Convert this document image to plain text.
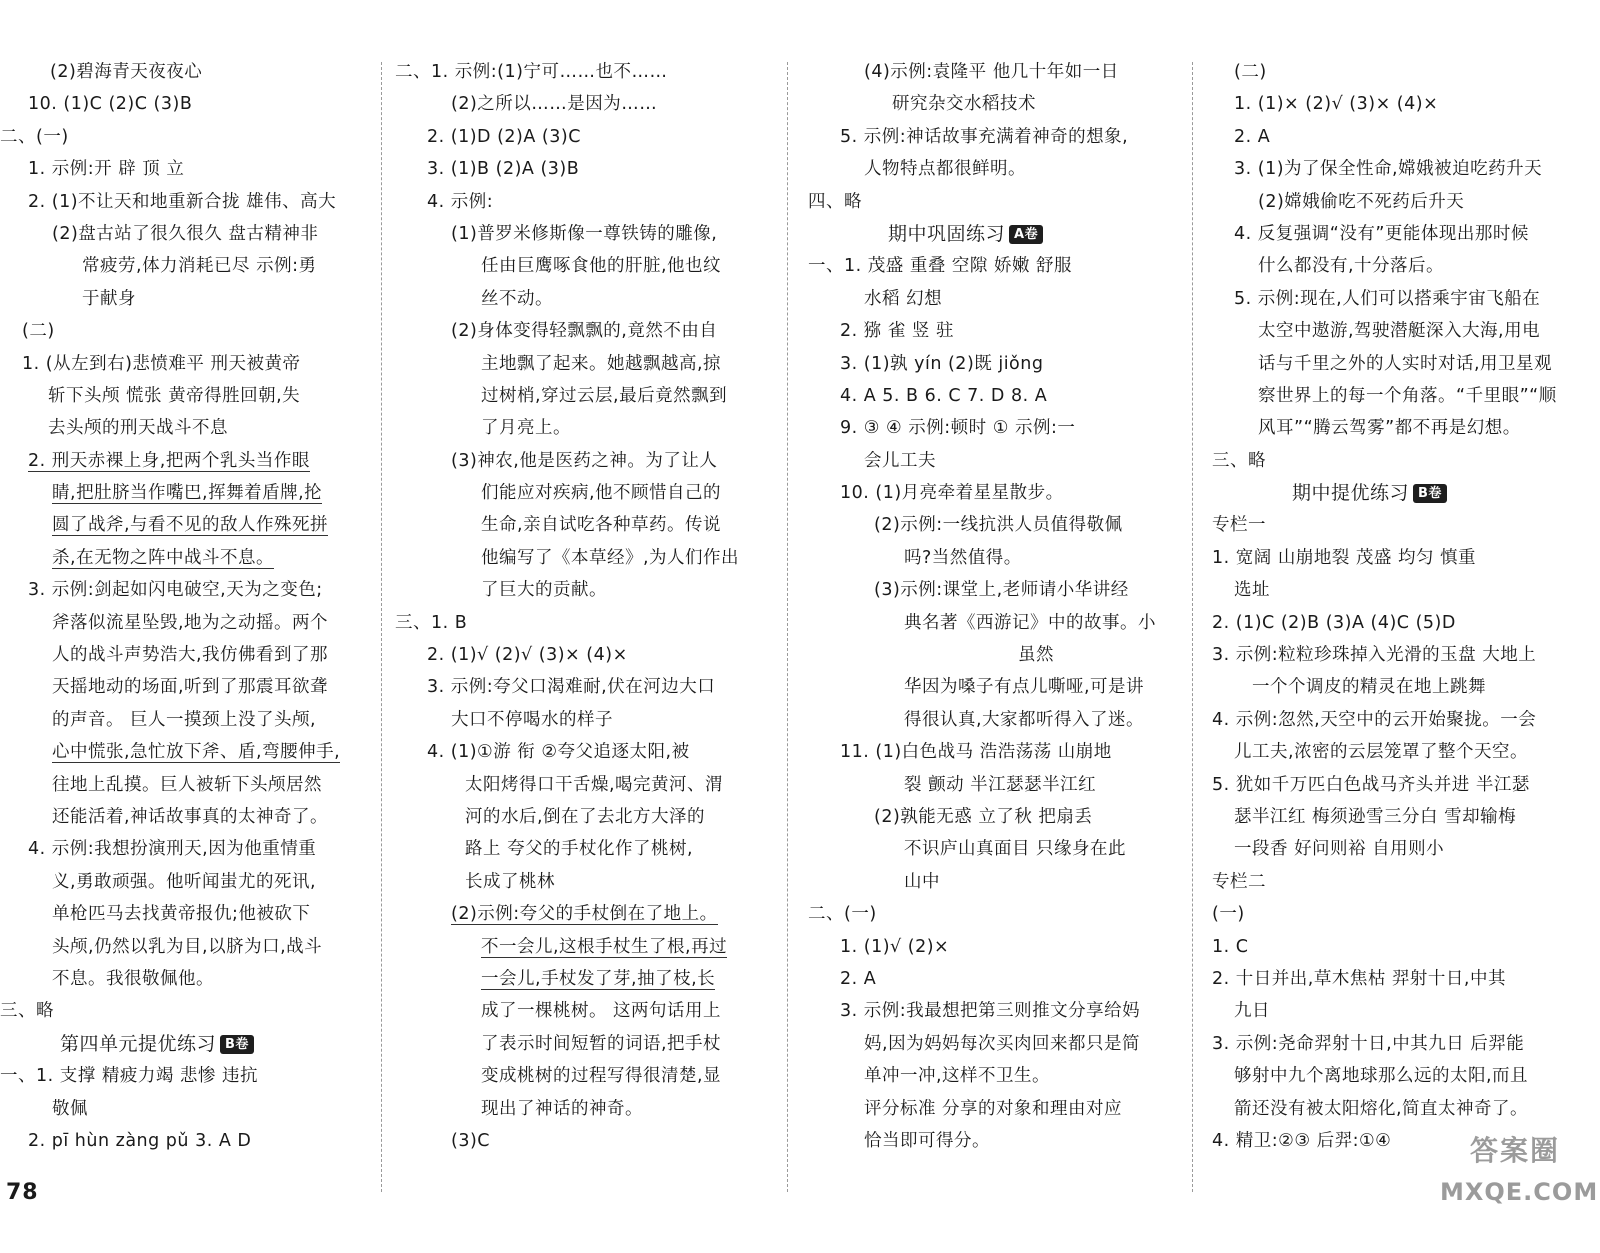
(2)碧海青天夜夜心
10. (1)C (2)C (3)B
二、(一)
1. 示例:开 辟 顶 立
2. (1)不让天和地重新合拢 雄伟、高大
(2)盘古站了很久很久 盘古精神非
常疲劳,体力消耗已尽 示例:勇
于献身
(二)
1. (从左到右)悲愤难平 刑天被黄帝
斩下头颅 慌张 黄帝得胜回朝,失
去头颅的刑天战斗不息
2. 刑天赤裸上身,把两个乳头当作眼
睛,把肚脐当作嘴巴,挥舞着盾牌,抡
圆了战斧,与看不见的敌人作殊死拼
杀,在无物之阵中战斗不息。
3. 示例:剑起如闪电破空,天为之变色;
斧落似流星坠毁,地为之动摇。两个
人的战斗声势浩大,我仿佛看到了那
天摇地动的场面,听到了那震耳欲聋
的声音。 巨人一摸颈上没了头颅,
心中慌张,急忙放下斧、盾,弯腰伸手,
往地上乱摸。巨人被斩下头颅居然
还能活着,神话故事真的太神奇了。
4. 示例:我想扮演刑天,因为他重情重
义,勇敢顽强。他听闻蚩尤的死讯,
单枪匹马去找黄帝报仇;他被砍下
头颅,仍然以乳为目,以脐为口,战斗
不息。我很敬佩他。
三、略
第四单元提优练习 B卷
一、1. 支撑 精疲力竭 悲惨 违抗
敬佩
2. pī hùn zàng pǔ 3. A D
二、1. 示例:(1)宁可……也不……
(2)之所以……是因为……
2. (1)D (2)A (3)C
3. (1)B (2)A (3)B
4. 示例:
(1)普罗米修斯像一尊铁铸的雕像,
任由巨鹰啄食他的肝脏,他也纹
丝不动。
(2)身体变得轻飘飘的,竟然不由自
主地飘了起来。她越飘越高,掠
过树梢,穿过云层,最后竟然飘到
了月亮上。
(3)神农,他是医药之神。为了让人
们能应对疾病,他不顾惜自己的
生命,亲自试吃各种草药。传说
他编写了《本草经》,为人们作出
了巨大的贡献。
三、1. B
2. (1)√ (2)√ (3)× (4)×
3. 示例:夸父口渴难耐,伏在河边大口
大口不停喝水的样子
4. (1)①游 衔 ②夸父追逐太阳,被
太阳烤得口干舌燥,喝完黄河、渭
河的水后,倒在了去北方大泽的
路上 夸父的手杖化作了桃树,
长成了桃林
(2)示例:夸父的手杖倒在了地上。
不一会儿,这根手杖生了根,再过
一会儿,手杖发了芽,抽了枝,长
成了一棵桃树。 这两句话用上
了表示时间短暂的词语,把手杖
变成桃树的过程写得很清楚,显
现出了神话的神奇。
(3)C
(4)示例:袁隆平 他几十年如一日
研究杂交水稻技术
5. 示例:神话故事充满着神奇的想象,
人物特点都很鲜明。
四、略
期中巩固练习 A卷
一、1. 茂盛 重叠 空隙 娇嫩 舒服
水稻 幻想
2. 猕 雀 竖 驻
3. (1)孰 yín (2)既 jiǒng
4. A 5. B 6. C 7. D 8. A
9. ③ ④ 示例:顿时 ① 示例:一
会儿工夫
10. (1)月亮牵着星星散步。
(2)示例:一线抗洪人员值得敬佩
吗?当然值得。
(3)示例:课堂上,老师请小华讲经
典名著《西游记》中的故事。小
虽然
华因为嗓子有点儿嘶哑,可是讲
得很认真,大家都听得入了迷。
11. (1)白色战马 浩浩荡荡 山崩地
裂 颤动 半江瑟瑟半江红
(2)孰能无惑 立了秋 把扇丢
不识庐山真面目 只缘身在此
山中
二、(一)
1. (1)√ (2)×
2. A
3. 示例:我最想把第三则推文分享给妈
妈,因为妈妈每次买肉回来都只是简
单冲一冲,这样不卫生。
评分标准 分享的对象和理由对应
恰当即可得分。
(二)
1. (1)× (2)√ (3)× (4)×
2. A
3. (1)为了保全性命,嫦娥被迫吃药升天
(2)嫦娥偷吃不死药后升天
4. 反复强调“没有”更能体现出那时候
什么都没有,十分落后。
5. 示例:现在,人们可以搭乘宇宙飞船在
太空中遨游,驾驶潜艇深入大海,用电
话与千里之外的人实时对话,用卫星观
察世界上的每一个角落。“千里眼”“顺
风耳”“腾云驾雾”都不再是幻想。
三、略
期中提优练习 B卷
专栏一
1. 宽阔 山崩地裂 茂盛 均匀 慎重
选址
2. (1)C (2)B (3)A (4)C (5)D
3. 示例:粒粒珍珠掉入光滑的玉盘 大地上
一个个调皮的精灵在地上跳舞
4. 示例:忽然,天空中的云开始聚拢。一会
儿工夫,浓密的云层笼罩了整个天空。
5. 犹如千万匹白色战马齐头并进 半江瑟
瑟半江红 梅须逊雪三分白 雪却输梅
一段香 好问则裕 自用则小
专栏二
(一)
1. C
2. 十日并出,草木焦枯 羿射十日,中其
九日
3. 示例:尧命羿射十日,中其九日 后羿能
够射中九个离地球那么远的太阳,而且
箭还没有被太阳熔化,简直太神奇了。
4. 精卫:②③ 后羿:①④
78
答案圈
MXQE.COM
